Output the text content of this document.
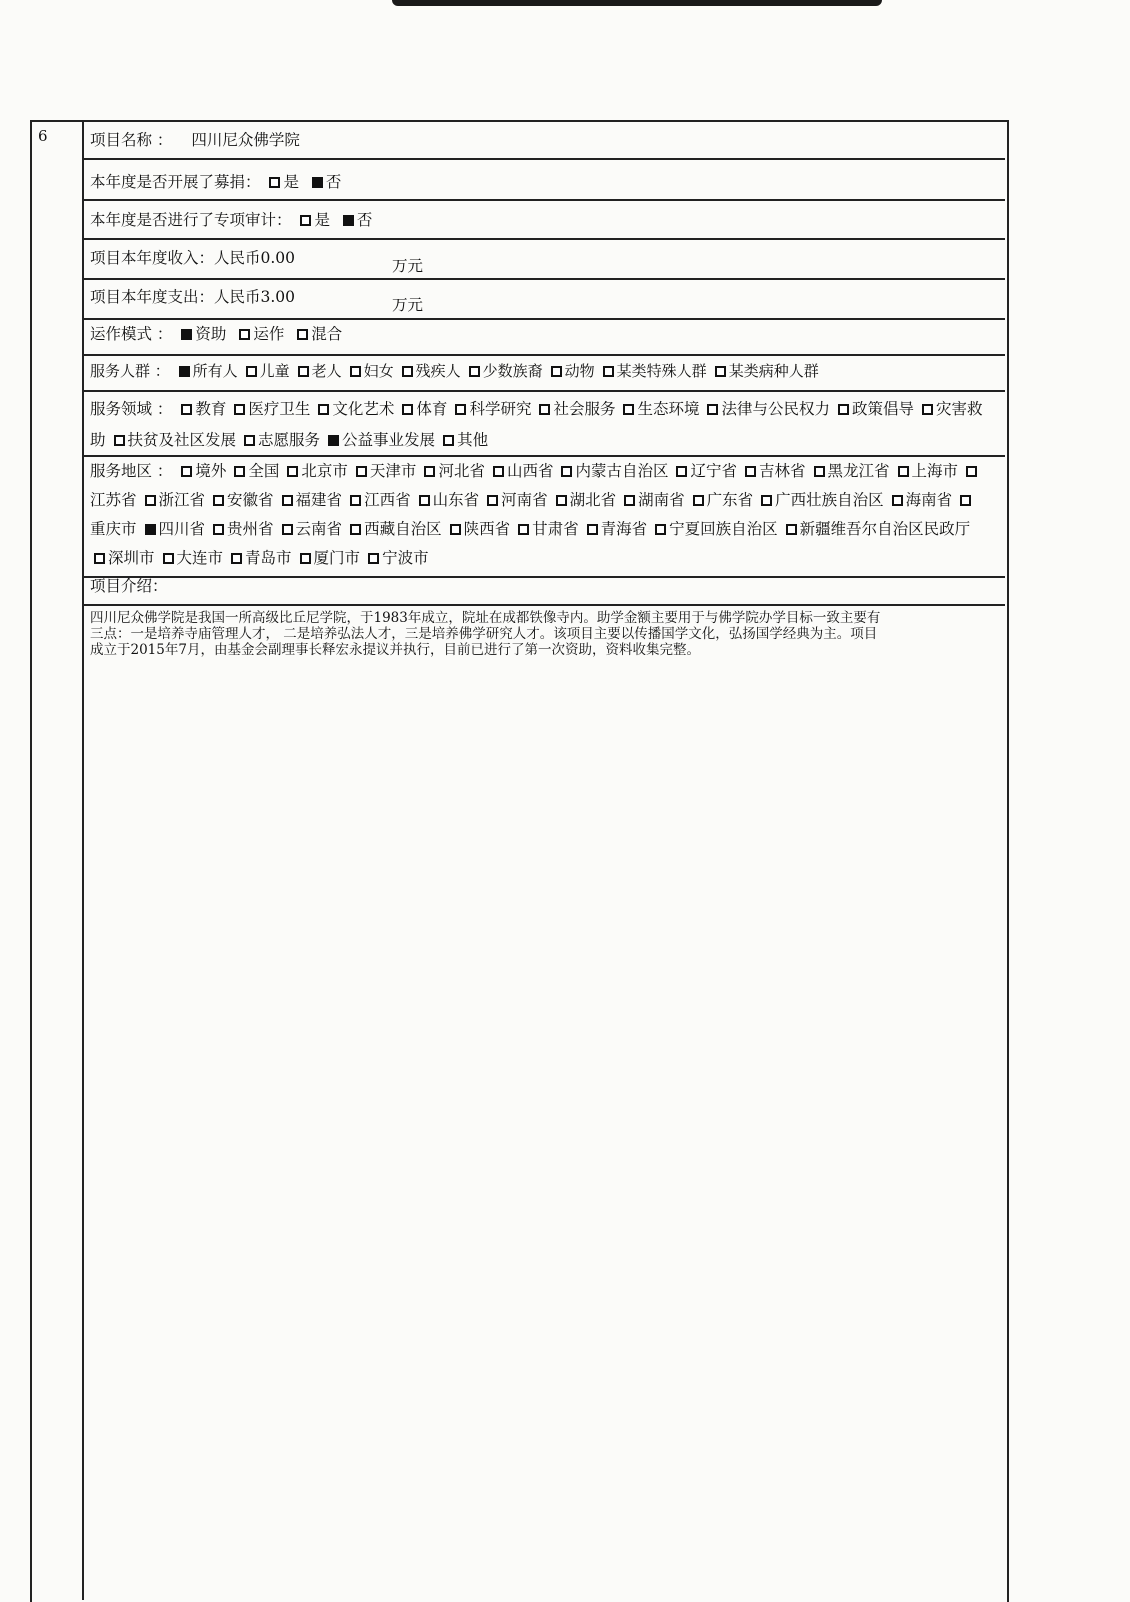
6	项目名称 ： 四川尼众佛学院
本年度是否开展了募捐： 是 否
本年度是否进行了专项审计： 是 否
项目本年度收入：人民币0.00	万元
项目本年度支出：人民币3.00	万元
运作模式 ： 资助 运作 混合
服务人群 ： 所有人 儿童 老人 妇女 残疾人 少数族裔 动物 某类特殊人群 某类病种人群
服务领域 ： 教育 医疗卫生 文化艺术 体育 科学研究 社会服务 生态环境 法律与公民权力 政策倡导 灾害救助 扶贫及社区发展 志愿服务 公益事业发展 其他
服务地区 ： 境外 全国 北京市 天津市 河北省 山西省 内蒙古自治区 辽宁省 吉林省 黑龙江省 上海市江苏省 浙江省 安徽省 福建省 江西省 山东省 河南省 湖北省 湖南省 广东省 广西壮族自治区 海南省重庆市 四川省 贵州省 云南省 西藏自治区 陕西省 甘肃省 青海省 宁夏回族自治区 新疆维吾尔自治区民政厅深圳市 大连市 青岛市 厦门市 宁波市
项目介绍：
四川尼众佛学院是我国一所高级比丘尼学院，于1983年成立，院址在成都铁像寺内。助学金额主要用于与佛学院办学目标一致主要有三点：一是培养寺庙管理人才， 二是培养弘法人才，三是培养佛学研究人才。该项目主要以传播国学文化，弘扬国学经典为主。项目成立于2015年7月，由基金会副理事长释宏永提议并执行，目前已进行了第一次资助，资料收集完整。
